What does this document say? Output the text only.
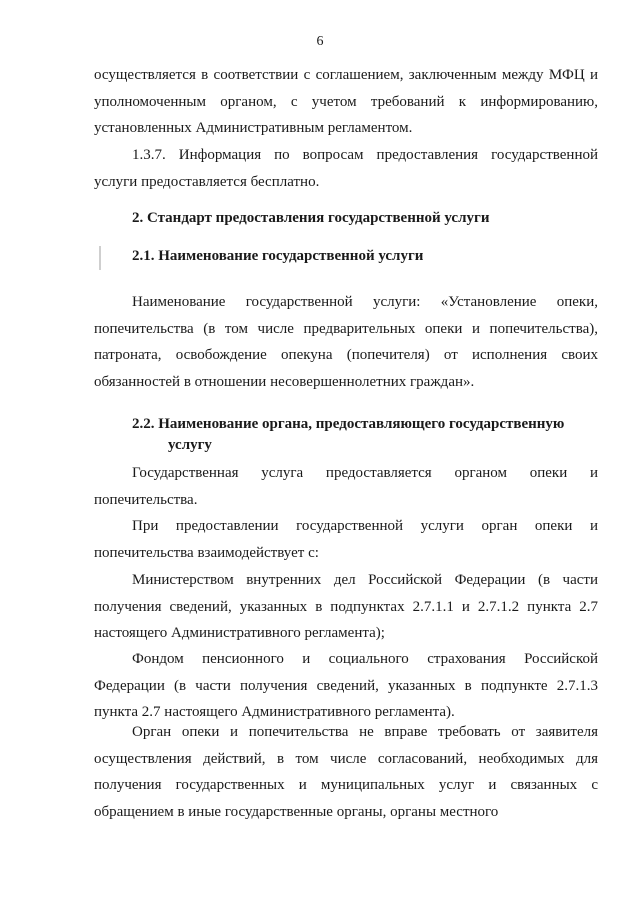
6
осуществляется в соответствии с соглашением, заключенным между МФЦ и уполномоченным органом, с учетом требований к информированию, установленных Административным регламентом.
1.3.7. Информация по вопросам предоставления государственной услуги предоставляется бесплатно.
2. Стандарт предоставления государственной услуги
2.1. Наименование государственной услуги
Наименование государственной услуги: «Установление опеки, попечительства (в том числе предварительных опеки и попечительства), патроната, освобождение опекуна (попечителя) от исполнения своих обязанностей в отношении несовершеннолетних граждан».
2.2. Наименование органа, предоставляющего государственную
услугу
Государственная услуга предоставляется органом опеки и попечительства.
При предоставлении государственной услуги орган опеки и попечительства взаимодействует с:
Министерством внутренних дел Российской Федерации (в части получения сведений, указанных в подпунктах 2.7.1.1 и 2.7.1.2 пункта 2.7 настоящего Административного регламента);
Фондом пенсионного и социального страхования Российской Федерации (в части получения сведений, указанных в подпункте 2.7.1.3 пункта 2.7 настоящего Административного регламента).
Орган опеки и попечительства не вправе требовать от заявителя осуществления действий, в том числе согласований, необходимых для получения государственных и муниципальных услуг и связанных с обращением в иные государственные органы, органы местного
